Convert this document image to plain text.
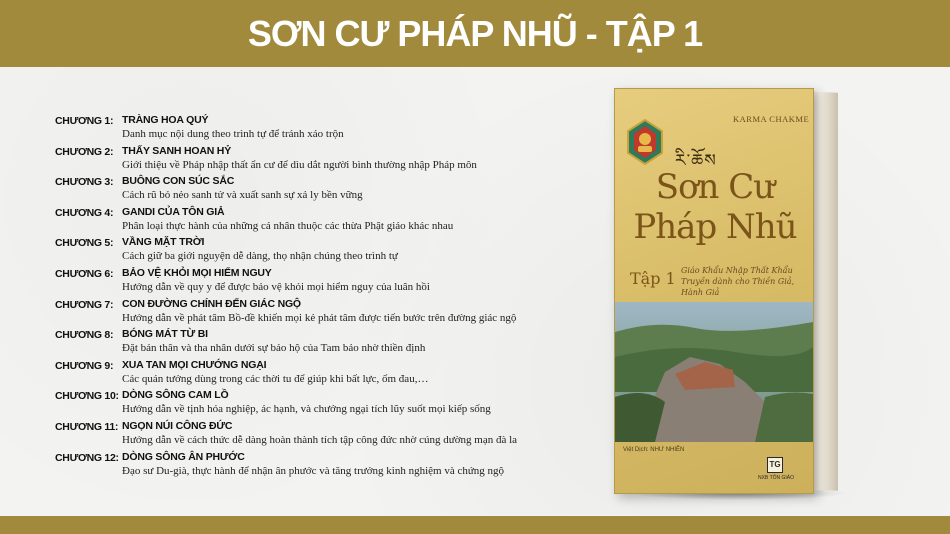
SƠN CƯ PHÁP NHŨ - TẬP 1
CHƯƠNG 1: TRÀNG HOA QUÝ
Danh mục nội dung theo trình tự để tránh xáo trộn
CHƯƠNG 2: THẤY SANH HOAN HỶ
Giới thiệu về Pháp nhập thất ẩn cư để dìu dắt người bình thường nhập Pháp môn
CHƯƠNG 3: BUÔNG CON SÚC SẮC
Cách rũ bỏ nẻo sanh tử và xuất sanh sự xả ly bền vững
CHƯƠNG 4: GANDI CỦA TÔN GIẢ
Phân loại thực hành của những cá nhân thuộc các thừa Phật giáo khác nhau
CHƯƠNG 5: VẦNG MẶT TRỜI
Cách giữ ba giới nguyện dễ dàng, thọ nhận chúng theo trình tự
CHƯƠNG 6: BẢO VỆ KHỎI MỌI HIỂM NGUY
Hướng dẫn về quy y để được bảo vệ khỏi mọi hiểm nguy của luân hồi
CHƯƠNG 7: CON ĐƯỜNG CHÍNH ĐẾN GIÁC NGỘ
Hướng dẫn về phát tâm Bồ-đề khiến mọi kẻ phát tâm được tiến bước trên đường giác ngộ
CHƯƠNG 8: BÓNG MÁT TỪ BI
Đặt bản thân và tha nhân dưới sự bảo hộ của Tam bảo nhờ thiền định
CHƯƠNG 9: XUA TAN MỌI CHƯỚNG NGẠI
Các quán tưởng dùng trong các thời tu để giúp khi bất lực, ốm đau,…
CHƯƠNG 10: DÒNG SÔNG CAM LỒ
Hướng dẫn về tịnh hóa nghiệp, ác hạnh, và chướng ngại tích lũy suốt mọi kiếp sống
CHƯƠNG 11: NGỌN NÚI CÔNG ĐỨC
Hướng dẫn về cách thức dễ dàng hoàn thành tích tập công đức nhờ cúng dường mạn đà la
CHƯƠNG 12: DÒNG SÔNG ÂN PHƯỚC
Đạo sư Du-già, thực hành để nhận ân phước và tăng trưởng kinh nghiệm và chứng ngộ
KARMA CHAKME
རི་ཆོས
Sơn Cư
Pháp Nhũ
Tập 1 Giáo Khẩu Nhập Thất Khẩu Truyền dành cho Thiền Giả, Hành Giả
Việt Dịch: NHƯ NHIÊN
TG
NXB TÔN GIÁO
